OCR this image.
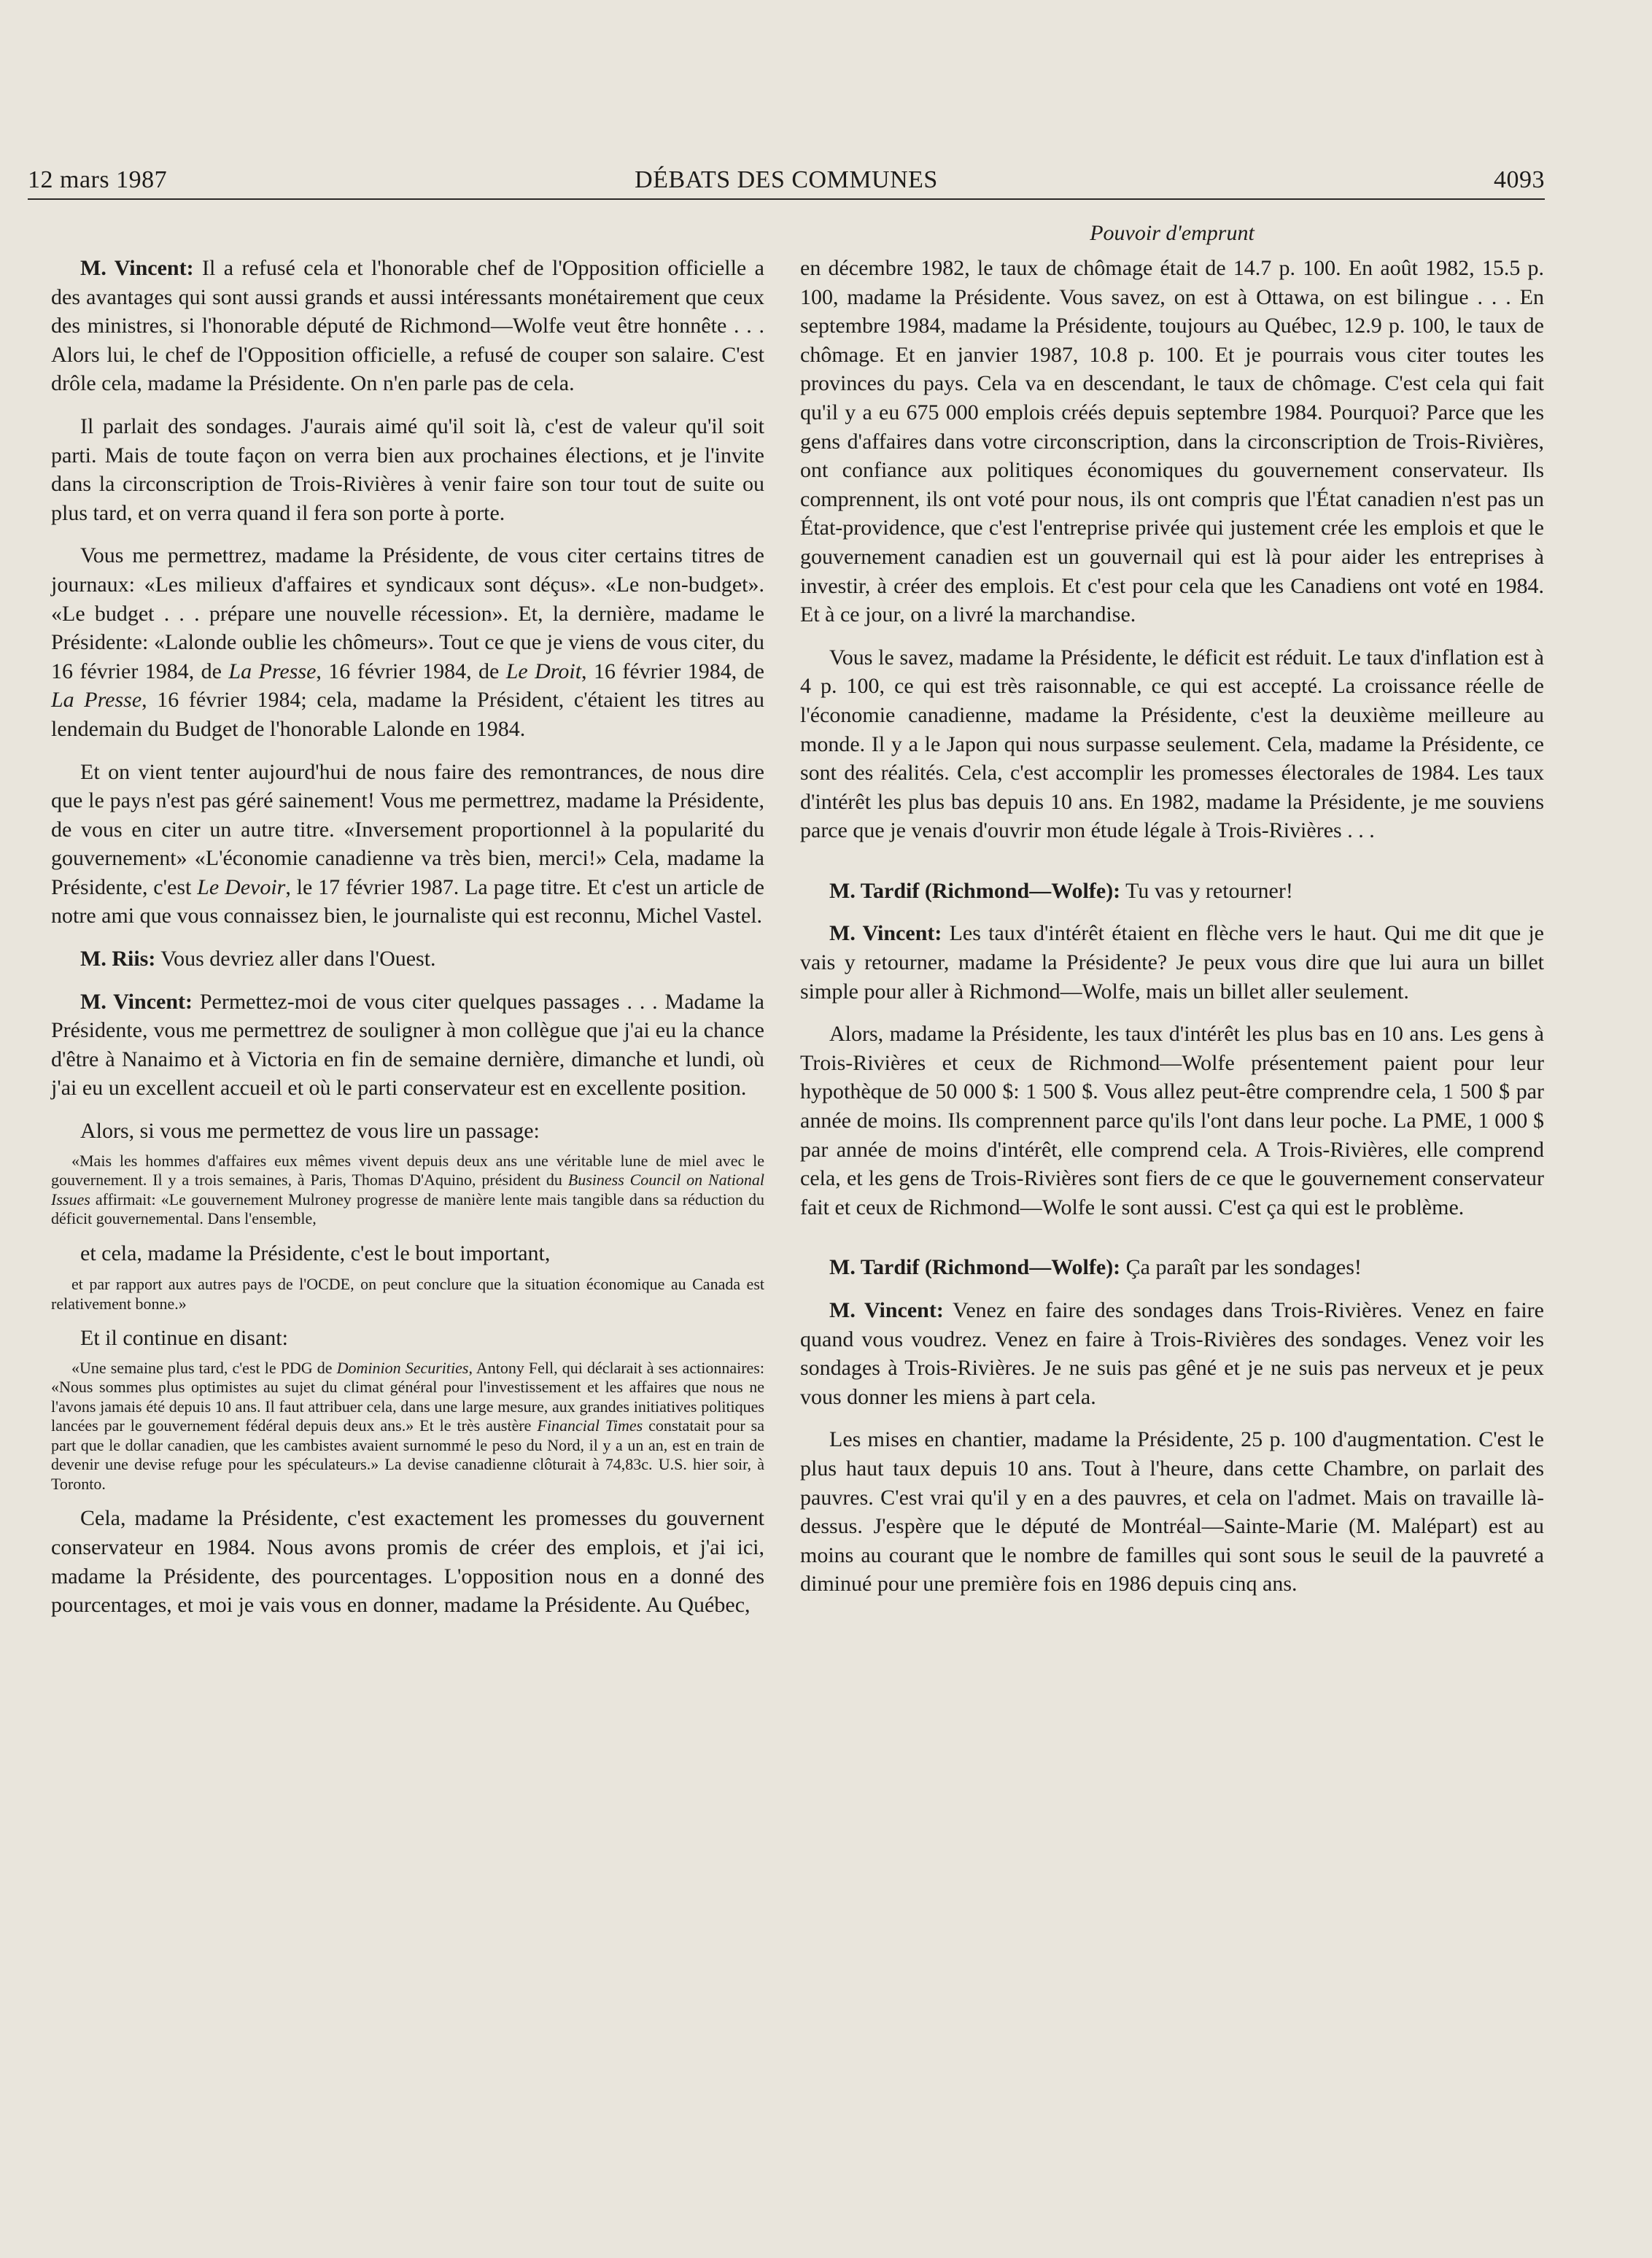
12 mars 1987	DÉBATS DES COMMUNES	4093

M. Vincent: Il a refusé cela et l'honorable chef de l'Opposition officielle a des avantages qui sont aussi grands et aussi intéressants monétairement que ceux des ministres, si l'honorable député de Richmond—Wolfe veut être honnête . . . Alors lui, le chef de l'Opposition officielle, a refusé de couper son salaire. C'est drôle cela, madame la Présidente. On n'en parle pas de cela.

Il parlait des sondages. J'aurais aimé qu'il soit là, c'est de valeur qu'il soit parti. Mais de toute façon on verra bien aux prochaines élections, et je l'invite dans la circonscription de Trois-Rivières à venir faire son tour tout de suite ou plus tard, et on verra quand il fera son porte à porte.

Vous me permettrez, madame la Présidente, de vous citer certains titres de journaux: «Les milieux d'affaires et syndicaux sont déçus». «Le non-budget». «Le budget . . . prépare une nouvelle récession». Et, la dernière, madame le Présidente: «Lalonde oublie les chômeurs». Tout ce que je viens de vous citer, du 16 février 1984, de La Presse, 16 février 1984, de Le Droit, 16 février 1984, de La Presse, 16 février 1984; cela, madame la Président, c'étaient les titres au lendemain du Budget de l'honorable Lalonde en 1984.

Et on vient tenter aujourd'hui de nous faire des remontrances, de nous dire que le pays n'est pas géré sainement! Vous me permettrez, madame la Présidente, de vous en citer un autre titre. «Inversement proportionnel à la popularité du gouvernement» «L'économie canadienne va très bien, merci!» Cela, madame la Présidente, c'est Le Devoir, le 17 février 1987. La page titre. Et c'est un article de notre ami que vous connaissez bien, le journaliste qui est reconnu, Michel Vastel.

M. Riis: Vous devriez aller dans l'Ouest.

M. Vincent: Permettez-moi de vous citer quelques passages . . . Madame la Présidente, vous me permettrez de souligner à mon collègue que j'ai eu la chance d'être à Nanaimo et à Victoria en fin de semaine dernière, dimanche et lundi, où j'ai eu un excellent accueil et où le parti conservateur est en excellente position.

Alors, si vous me permettez de vous lire un passage:

«Mais les hommes d'affaires eux mêmes vivent depuis deux ans une véritable lune de miel avec le gouvernement. Il y a trois semaines, à Paris, Thomas D'Aquino, président du Business Council on National Issues affirmait: «Le gouvernement Mulroney progresse de manière lente mais tangible dans sa réduction du déficit gouvernemental. Dans l'ensemble,

et cela, madame la Présidente, c'est le bout important,

et par rapport aux autres pays de l'OCDE, on peut conclure que la situation économique au Canada est relativement bonne.»

Et il continue en disant:

«Une semaine plus tard, c'est le PDG de Dominion Securities, Antony Fell, qui déclarait à ses actionnaires: «Nous sommes plus optimistes au sujet du climat général pour l'investissement et les affaires que nous ne l'avons jamais été depuis 10 ans. Il faut attribuer cela, dans une large mesure, aux grandes initiatives politiques lancées par le gouvernement fédéral depuis deux ans.» Et le très austère Financial Times constatait pour sa part que le dollar canadien, que les cambistes avaient surnommé le peso du Nord, il y a un an, est en train de devenir une devise refuge pour les spéculateurs.» La devise canadienne clôturait à 74,83c. U.S. hier soir, à Toronto.

Cela, madame la Présidente, c'est exactement les promesses du gouvernent conservateur en 1984. Nous avons promis de créer des emplois, et j'ai ici, madame la Présidente, des pourcentages. L'opposition nous en a donné des pourcentages, et moi je vais vous en donner, madame la Présidente. Au Québec,

Pouvoir d'emprunt

en décembre 1982, le taux de chômage était de 14.7 p. 100. En août 1982, 15.5 p. 100, madame la Présidente. Vous savez, on est à Ottawa, on est bilingue . . . En septembre 1984, madame la Présidente, toujours au Québec, 12.9 p. 100, le taux de chômage. Et en janvier 1987, 10.8 p. 100. Et je pourrais vous citer toutes les provinces du pays. Cela va en descendant, le taux de chômage. C'est cela qui fait qu'il y a eu 675 000 emplois créés depuis septembre 1984. Pourquoi? Parce que les gens d'affaires dans votre circonscription, dans la circonscription de Trois-Rivières, ont confiance aux politiques économiques du gouvernement conservateur. Ils comprennent, ils ont voté pour nous, ils ont compris que l'État canadien n'est pas un État-providence, que c'est l'entreprise privée qui justement crée les emplois et que le gouvernement canadien est un gouvernail qui est là pour aider les entreprises à investir, à créer des emplois. Et c'est pour cela que les Canadiens ont voté en 1984. Et à ce jour, on a livré la marchandise.

Vous le savez, madame la Présidente, le déficit est réduit. Le taux d'inflation est à 4 p. 100, ce qui est très raisonnable, ce qui est accepté. La croissance réelle de l'économie canadienne, madame la Présidente, c'est la deuxième meilleure au monde. Il y a le Japon qui nous surpasse seulement. Cela, madame la Présidente, ce sont des réalités. Cela, c'est accomplir les promesses électorales de 1984. Les taux d'intérêt les plus bas depuis 10 ans. En 1982, madame la Présidente, je me souviens parce que je venais d'ouvrir mon étude légale à Trois-Rivières . . .

M. Tardif (Richmond—Wolfe): Tu vas y retourner!

M. Vincent: Les taux d'intérêt étaient en flèche vers le haut. Qui me dit que je vais y retourner, madame la Présidente? Je peux vous dire que lui aura un billet simple pour aller à Richmond—Wolfe, mais un billet aller seulement.

Alors, madame la Présidente, les taux d'intérêt les plus bas en 10 ans. Les gens à Trois-Rivières et ceux de Richmond—Wolfe présentement paient pour leur hypothèque de 50 000 $: 1 500 $. Vous allez peut-être comprendre cela, 1 500 $ par année de moins. Ils comprennent parce qu'ils l'ont dans leur poche. La PME, 1 000 $ par année de moins d'intérêt, elle comprend cela. A Trois-Rivières, elle comprend cela, et les gens de Trois-Rivières sont fiers de ce que le gouvernement conservateur fait et ceux de Richmond—Wolfe le sont aussi. C'est ça qui est le problème.

M. Tardif (Richmond—Wolfe): Ça paraît par les sondages!

M. Vincent: Venez en faire des sondages dans Trois-Rivières. Venez en faire quand vous voudrez. Venez en faire à Trois-Rivières des sondages. Venez voir les sondages à Trois-Rivières. Je ne suis pas gêné et je ne suis pas nerveux et je peux vous donner les miens à part cela.

Les mises en chantier, madame la Présidente, 25 p. 100 d'augmentation. C'est le plus haut taux depuis 10 ans. Tout à l'heure, dans cette Chambre, on parlait des pauvres. C'est vrai qu'il y en a des pauvres, et cela on l'admet. Mais on travaille là-dessus. J'espère que le député de Montréal—Sainte-Marie (M. Malépart) est au moins au courant que le nombre de familles qui sont sous le seuil de la pauvreté a diminué pour une première fois en 1986 depuis cinq ans.
